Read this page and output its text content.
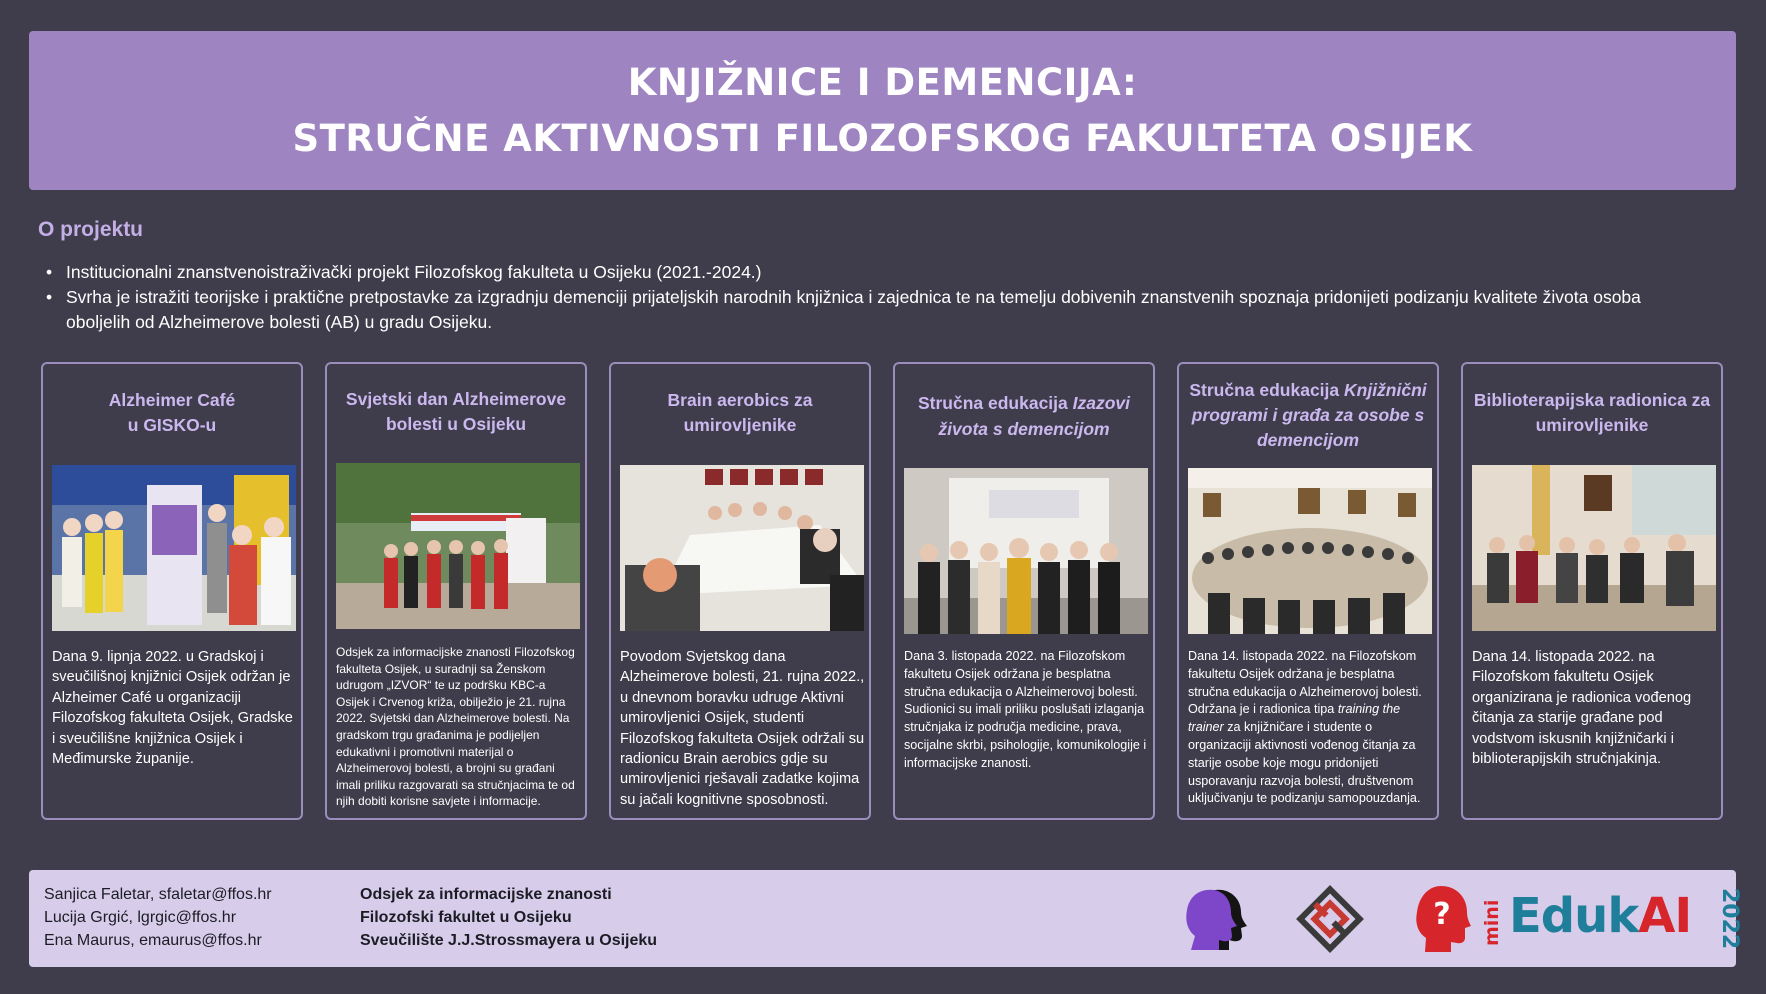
KNJIŽNICE I DEMENCIJA:
STRUČNE AKTIVNOSTI FILOZOFSKOG FAKULTETA OSIJEK
O projektu
• Institucionalni znanstvenoistraživački projekt Filozofskog fakulteta u Osijeku (2021.-2024.)
• Svrha je istražiti teorijske i praktične pretpostavke za izgradnju demenciji prijateljskih narodnih knjižnica i zajednica te na temelju dobivenih znanstvenih spoznaja pridonijeti podizanju kvalitete života osoba oboljelih od Alzheimerove bolesti (AB) u gradu Osijeku.
Alzheimer Café
u GISKO-u
Dana 9. lipnja 2022. u Gradskoj i sveučilišnoj knjižnici Osijek održan je Alzheimer Café u organizaciji Filozofskog fakulteta Osijek, Gradske i sveučilišne knjižnica Osijek i Međimurske županije.
Svjetski dan Alzheimerove
bolesti u Osijeku
Odsjek za informacijske znanosti Filozofskog fakulteta Osijek, u suradnji sa Ženskom udrugom „IZVOR“ te uz podršku KBC-a Osijek i Crvenog križa, obilježio je 21. rujna 2022. Svjetski dan Alzheimerove bolesti. Na gradskom trgu građanima je podijeljen edukativni i promotivni materijal o Alzheimerovoj bolesti, a brojni su građani imali priliku razgovarati sa stručnjacima te od njih dobiti korisne savjete i informacije.
Brain aerobics za
umirovljenike
Povodom Svjetskog dana Alzheimerove bolesti, 21. rujna 2022., u dnevnom boravku udruge Aktivni umirovljenici Osijek, studenti Filozofskog fakulteta Osijek održali su radionicu Brain aerobics gdje su umirovljenici rješavali zadatke kojima su jačali kognitivne sposobnosti.
Stručna edukacija Izazovi
života s demencijom
Dana 3. listopada 2022. na Filozofskom fakultetu Osijek održana je besplatna stručna edukacija o Alzheimerovoj bolesti. Sudionici su imali priliku poslušati izlaganja stručnjaka iz područja medicine, prava, socijalne skrbi, psihologije, komunikologije i informacijske znanosti.
Stručna edukacija Knjižnični
programi i građa za osobe s
demencijom
Dana 14. listopada 2022. na Filozofskom fakultetu Osijek održana je besplatna stručna edukacija o Alzheimerovoj bolesti. Održana je i radionica tipa training the trainer za knjižničare i studente o organizaciji aktivnosti vođenog čitanja za starije osobe koje mogu pridonijeti usporavanju razvoja bolesti, društvenom uključivanju te podizanju samopouzdanja.
Biblioterapijska radionica za
umirovljenike
Dana 14. listopada 2022. na Filozofskom fakultetu Osijek organizirana je radionica vođenog čitanja za starije građane pod vodstvom iskusnih knjižničarki i biblioterapijskih stručnjakinja.
Sanjica Faletar, sfaletar@ffos.hr
Lucija Grgić, lgrgic@ffos.hr
Ena Maurus, emaurus@ffos.hr
Odsjek za informacijske znanosti
Filozofski fakultet u Osijeku
Sveučilište J.J.Strossmayera u Osijeku
? mini EdukAI 2022
